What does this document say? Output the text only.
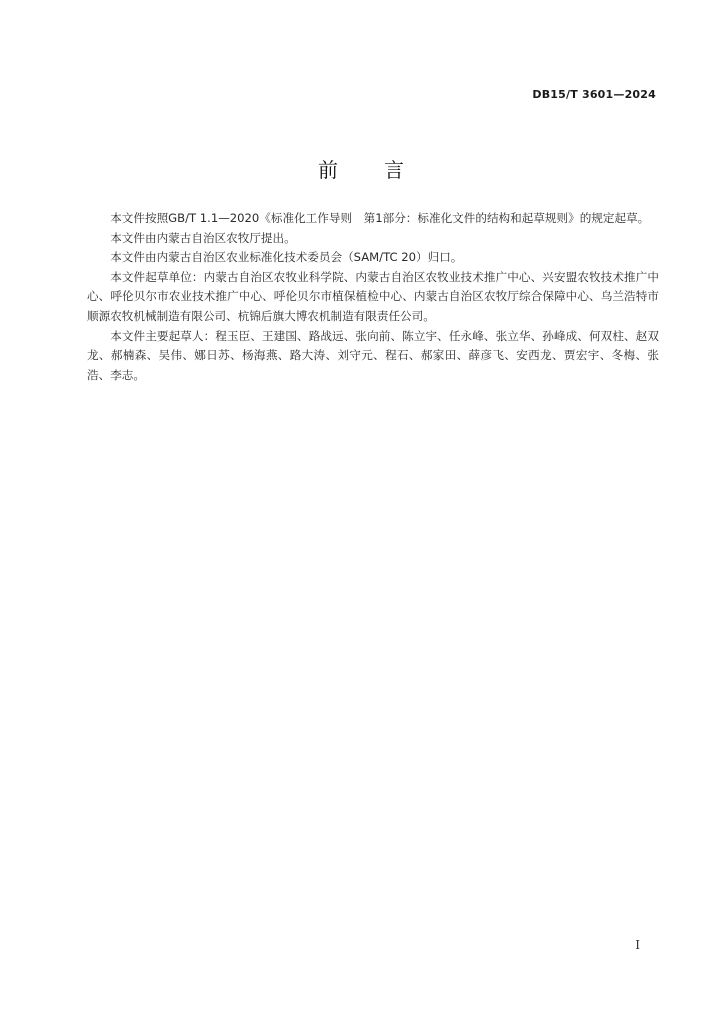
DB15/T 3601—2024
前　　言

本文件按照GB/T 1.1—2020《标准化工作导则　第1部分：标准化文件的结构和起草规则》的规定起草。

本文件由内蒙古自治区农牧厅提出。

本文件由内蒙古自治区农业标准化技术委员会（SAM/TC 20）归口。

本文件起草单位：内蒙古自治区农牧业科学院、内蒙古自治区农牧业技术推广中心、兴安盟农牧技术推广中心、呼伦贝尔市农业技术推广中心、呼伦贝尔市植保植检中心、内蒙古自治区农牧厅综合保障中心、乌兰浩特市顺源农牧机械制造有限公司、杭锦后旗大博农机制造有限责任公司。

本文件主要起草人：程玉臣、王建国、路战远、张向前、陈立宇、任永峰、张立华、孙峰成、何双柱、赵双龙、郝楠森、吴伟、娜日苏、杨海燕、路大涛、刘守元、程石、郝家田、薛彦飞、安西龙、贾宏宇、冬梅、张浩、李志。

I
